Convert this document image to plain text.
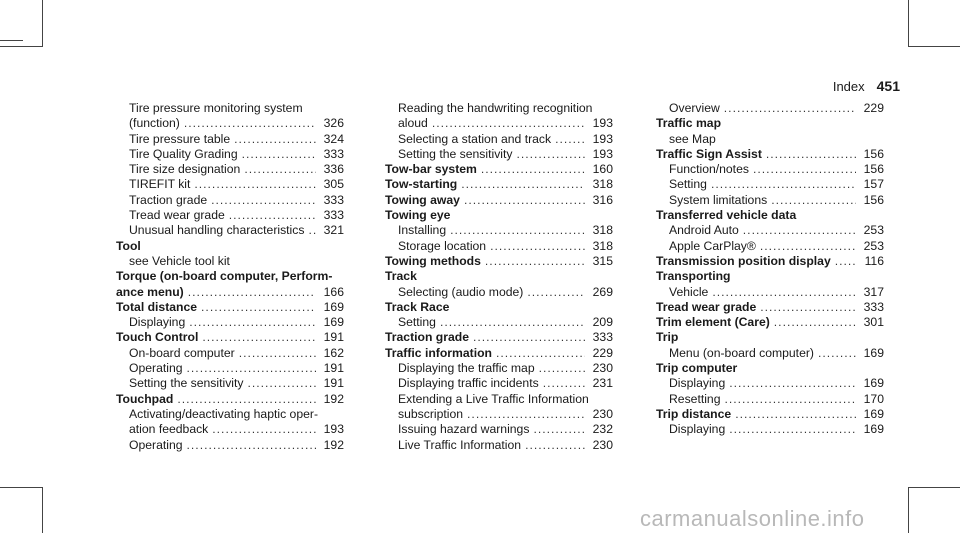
Index 451
Tire pressure monitoring system
(function) .....	326
Tire pressure table .....	324
Tire Quality Grading .....	333
Tire size designation .....	336
TIREFIT kit .....	305
Traction grade .....	333
Tread wear grade .....	333
Unusual handling characteristics ..... 321
Tool
see Vehicle tool kit
Torque (on-board computer, Perform-
ance menu) .....	166
Total distance .....	169
Displaying .....	169
Touch Control .....	191
On-board computer .....	162
Operating .....	191
Setting the sensitivity .....	191
Touchpad .....	192
Activating/deactivating haptic oper-
ation feedback .....	193
Operating .....	192
Reading the handwriting recognition
aloud .....	193
Selecting a station and track .....	193
Setting the sensitivity .....	193
Tow-bar system .....	160
Tow-starting .....	318
Towing away .....	316
Towing eye
Installing .....	318
Storage location .....	318
Towing methods .....	315
Track
Selecting (audio mode) .....	269
Track Race
Setting .....	209
Traction grade .....	333
Traffic information .....	229
Displaying the traffic map .....	230
Displaying traffic incidents .....	231
Extending a Live Traffic Information
subscription .....	230
Issuing hazard warnings .....	232
Live Traffic Information .....	230
Overview .....	229
Traffic map
see Map
Traffic Sign Assist .....	156
Function/notes .....	156
Setting .....	157
System limitations .....	156
Transferred vehicle data
Android Auto .....	253
Apple CarPlay® .....	253
Transmission position display .....	116
Transporting
Vehicle .....	317
Tread wear grade .....	333
Trim element (Care) .....	301
Trip
Menu (on-board computer) .....	169
Trip computer
Displaying .....	169
Resetting .....	170
Trip distance .....	169
Displaying .....	169
carmanualsonline.info
